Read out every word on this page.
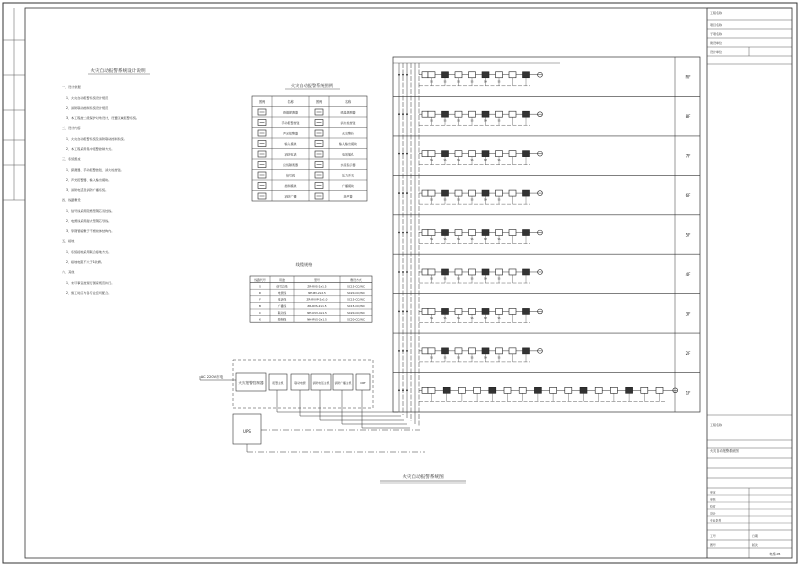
火灾自动报警系统设计说明
一、设计依据
1、火灾自动报警系统设计规范
2、消防联动控制系统设计规范
3、本工程按二级保护对象设计，设置区域报警系统。
二、设计内容
1、火灾自动报警系统及消防联动控制系统。
2、本工程采用集中报警控制方式。
三、系统组成
1、探测器、手动报警按钮、消火栓按钮。
2、声光报警器、输入输出模块。
3、消防电话及消防广播系统。
四、线路敷设
1、信号线采用阻燃型铜芯双绞线。
2、电源线采用耐火型铜芯导线。
3、穿钢管暗敷于不燃烧体结构内。
五、接地
1、系统接地采用联合接地方式。
2、接地电阻不大于1欧姆。
六、其他
1、未尽事宜按现行国家规范执行。
2、施工时应与各专业密切配合。
火灾自动报警系统图例
图例	名称	图例	名称
感烟探测器	感温探测器
手动报警按钮	消火栓按钮
声光报警器	火灾警铃
输入模块	输入输出模块
消防电话	电话插孔
总线隔离器	水流指示器
信号阀	压力开关
控制模块	广播模块
消防广播	扬声器
线缆规格
线路代号	用途	型号	敷设方式
S	信号总线	ZR-RVS-2x1.5	SC15-CC/WC
D	电源线	NH-BV-2x2.5	SC20-CC/WC
F	电话线	ZR-RVVP-2x1.0	SC15-CC/WC
B	广播线	ZR-RVS-2x1.5	SC15-CC/WC
C	联动线	NH-KVV-4x1.5	SC20-CC/WC
K	控制线	NH-RVS-2x1.5	SC20-CC/WC
火灾报警控制器	报警主机	联动电源	消防电话主机 消防广播主机	CRT
AC 220V市电
UPS
RF
SS	SS	SS	SS	SH	SS
8F
SS	SS	SS	SS	SH	SS
7F
SS	SS	SS	SS	SH	SS
6F
SS	SS	SS	SS	SH	SS
5F
SS	SS	SS	SS	SH	SS
4F
SS	SS	SS	SS	SH	SS
3F
SS	SS	SS	SS	SH	SS
2F
SS	SS	SS	SS	SH	SS
1F
火灾自动报警系统图
工程名称
项目名称
子项名称
建设单位
设计单位
工程名称
火灾自动报警系统图
审定
审核
校对
设计
专业负责
工号	日期
图号	版次
电施-05
